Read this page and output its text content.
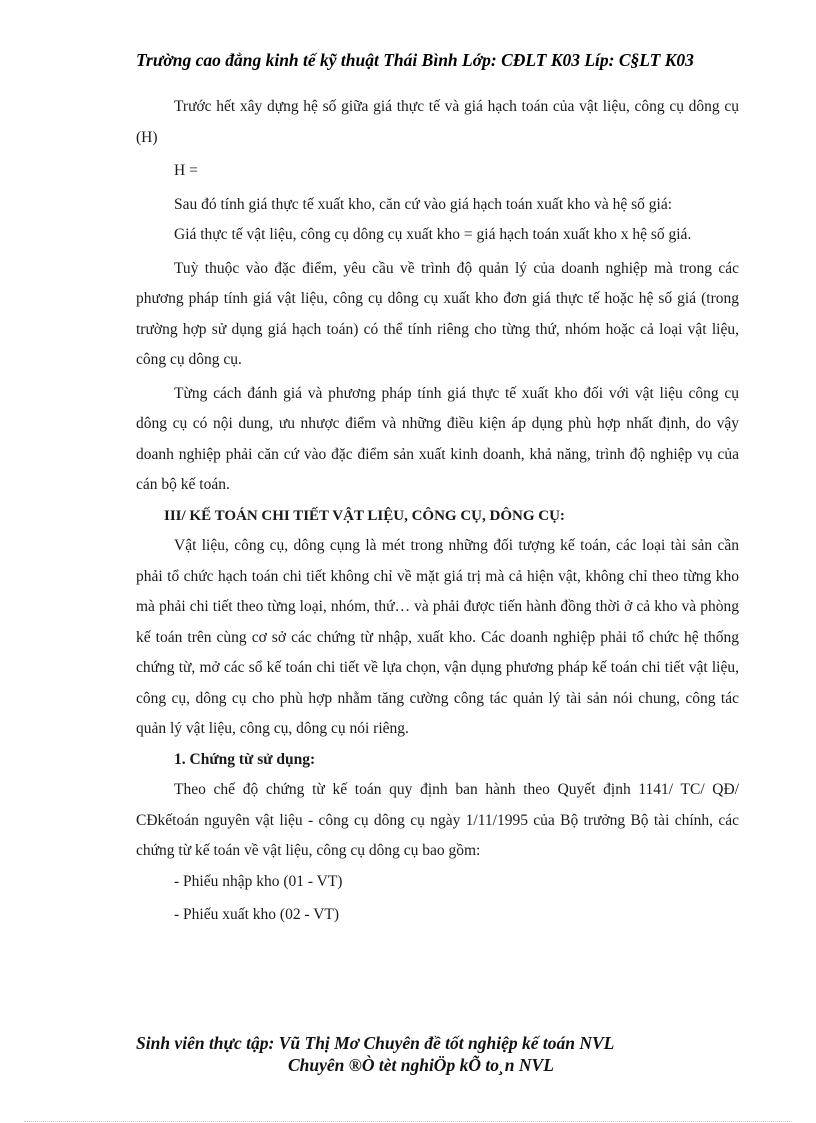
Trường cao đẳng kinh tế kỹ thuật Thái Bình Lớp: CĐLT K03 Líp: C§LT K03

Trước hết xây dựng hệ số giữa giá thực tế và giá hạch toán của vật liệu, công cụ dông cụ (H)

H =

Sau đó tính giá thực tế xuất kho, căn cứ vào giá hạch toán xuất kho và hệ số giá:

Giá thực tế vật liệu, công cụ dông cụ xuất kho = giá hạch toán xuất kho x hệ số giá.

Tuỳ thuộc vào đặc điểm, yêu cầu về trình độ quản lý của doanh nghiệp mà trong các phương pháp tính giá vật liệu, công cụ dông cụ xuất kho đơn giá thực tế hoặc hệ số giá (trong trường hợp sử dụng giá hạch toán) có thể tính riêng cho từng thứ, nhóm hoặc cả loại vật liệu, công cụ dông cụ.

Từng cách đánh giá và phương pháp tính giá thực tế xuất kho đối với vật liệu công cụ dông cụ có nội dung, ưu nhược điểm và những điều kiện áp dụng phù hợp nhất định, do vậy doanh nghiệp phải căn cứ vào đặc điểm sản xuất kinh doanh, khả năng, trình độ nghiệp vụ của cán bộ kế toán.

III/ KẾ TOÁN CHI TIẾT VẬT LIỆU, CÔNG CỤ, DÔNG CỤ:

Vật liệu, công cụ, dông cụng là mét trong những đối tượng kế toán, các loại tài sản cần phải tổ chức hạch toán chi tiết không chỉ về mặt giá trị mà cả hiện vật, không chỉ theo từng kho mà phải chi tiết theo từng loại, nhóm, thứ… và phải được tiến hành đồng thời ở cả kho và phòng kế toán trên cùng cơ sở các chứng từ nhập, xuất kho. Các doanh nghiệp phải tổ chức hệ thống chứng từ, mở các sổ kế toán chi tiết về lựa chọn, vận dụng phương pháp kế toán chi tiết vật liệu, công cụ, dông cụ cho phù hợp nhằm tăng cường công tác quản lý tài sản nói chung, công tác quản lý vật liệu, công cụ, dông cụ nói riêng.

1. Chứng từ sử dụng:

Theo chế độ chứng từ kế toán quy định ban hành theo Quyết định 1141/ TC/ QĐ/ CĐkếtoán nguyên vật liệu - công cụ dông cụ ngày 1/11/1995 của Bộ trưởng Bộ tài chính, các chứng từ kế toán về vật liệu, công cụ dông cụ bao gồm:

- Phiếu nhập kho (01 - VT)

- Phiếu xuất kho (02 - VT)

Sinh viên thực tập: Vũ Thị Mơ Chuyên đề tốt nghiệp kế toán NVL
Chuyên ®Ò tèt nghiÖp kÕ to¸n NVL
